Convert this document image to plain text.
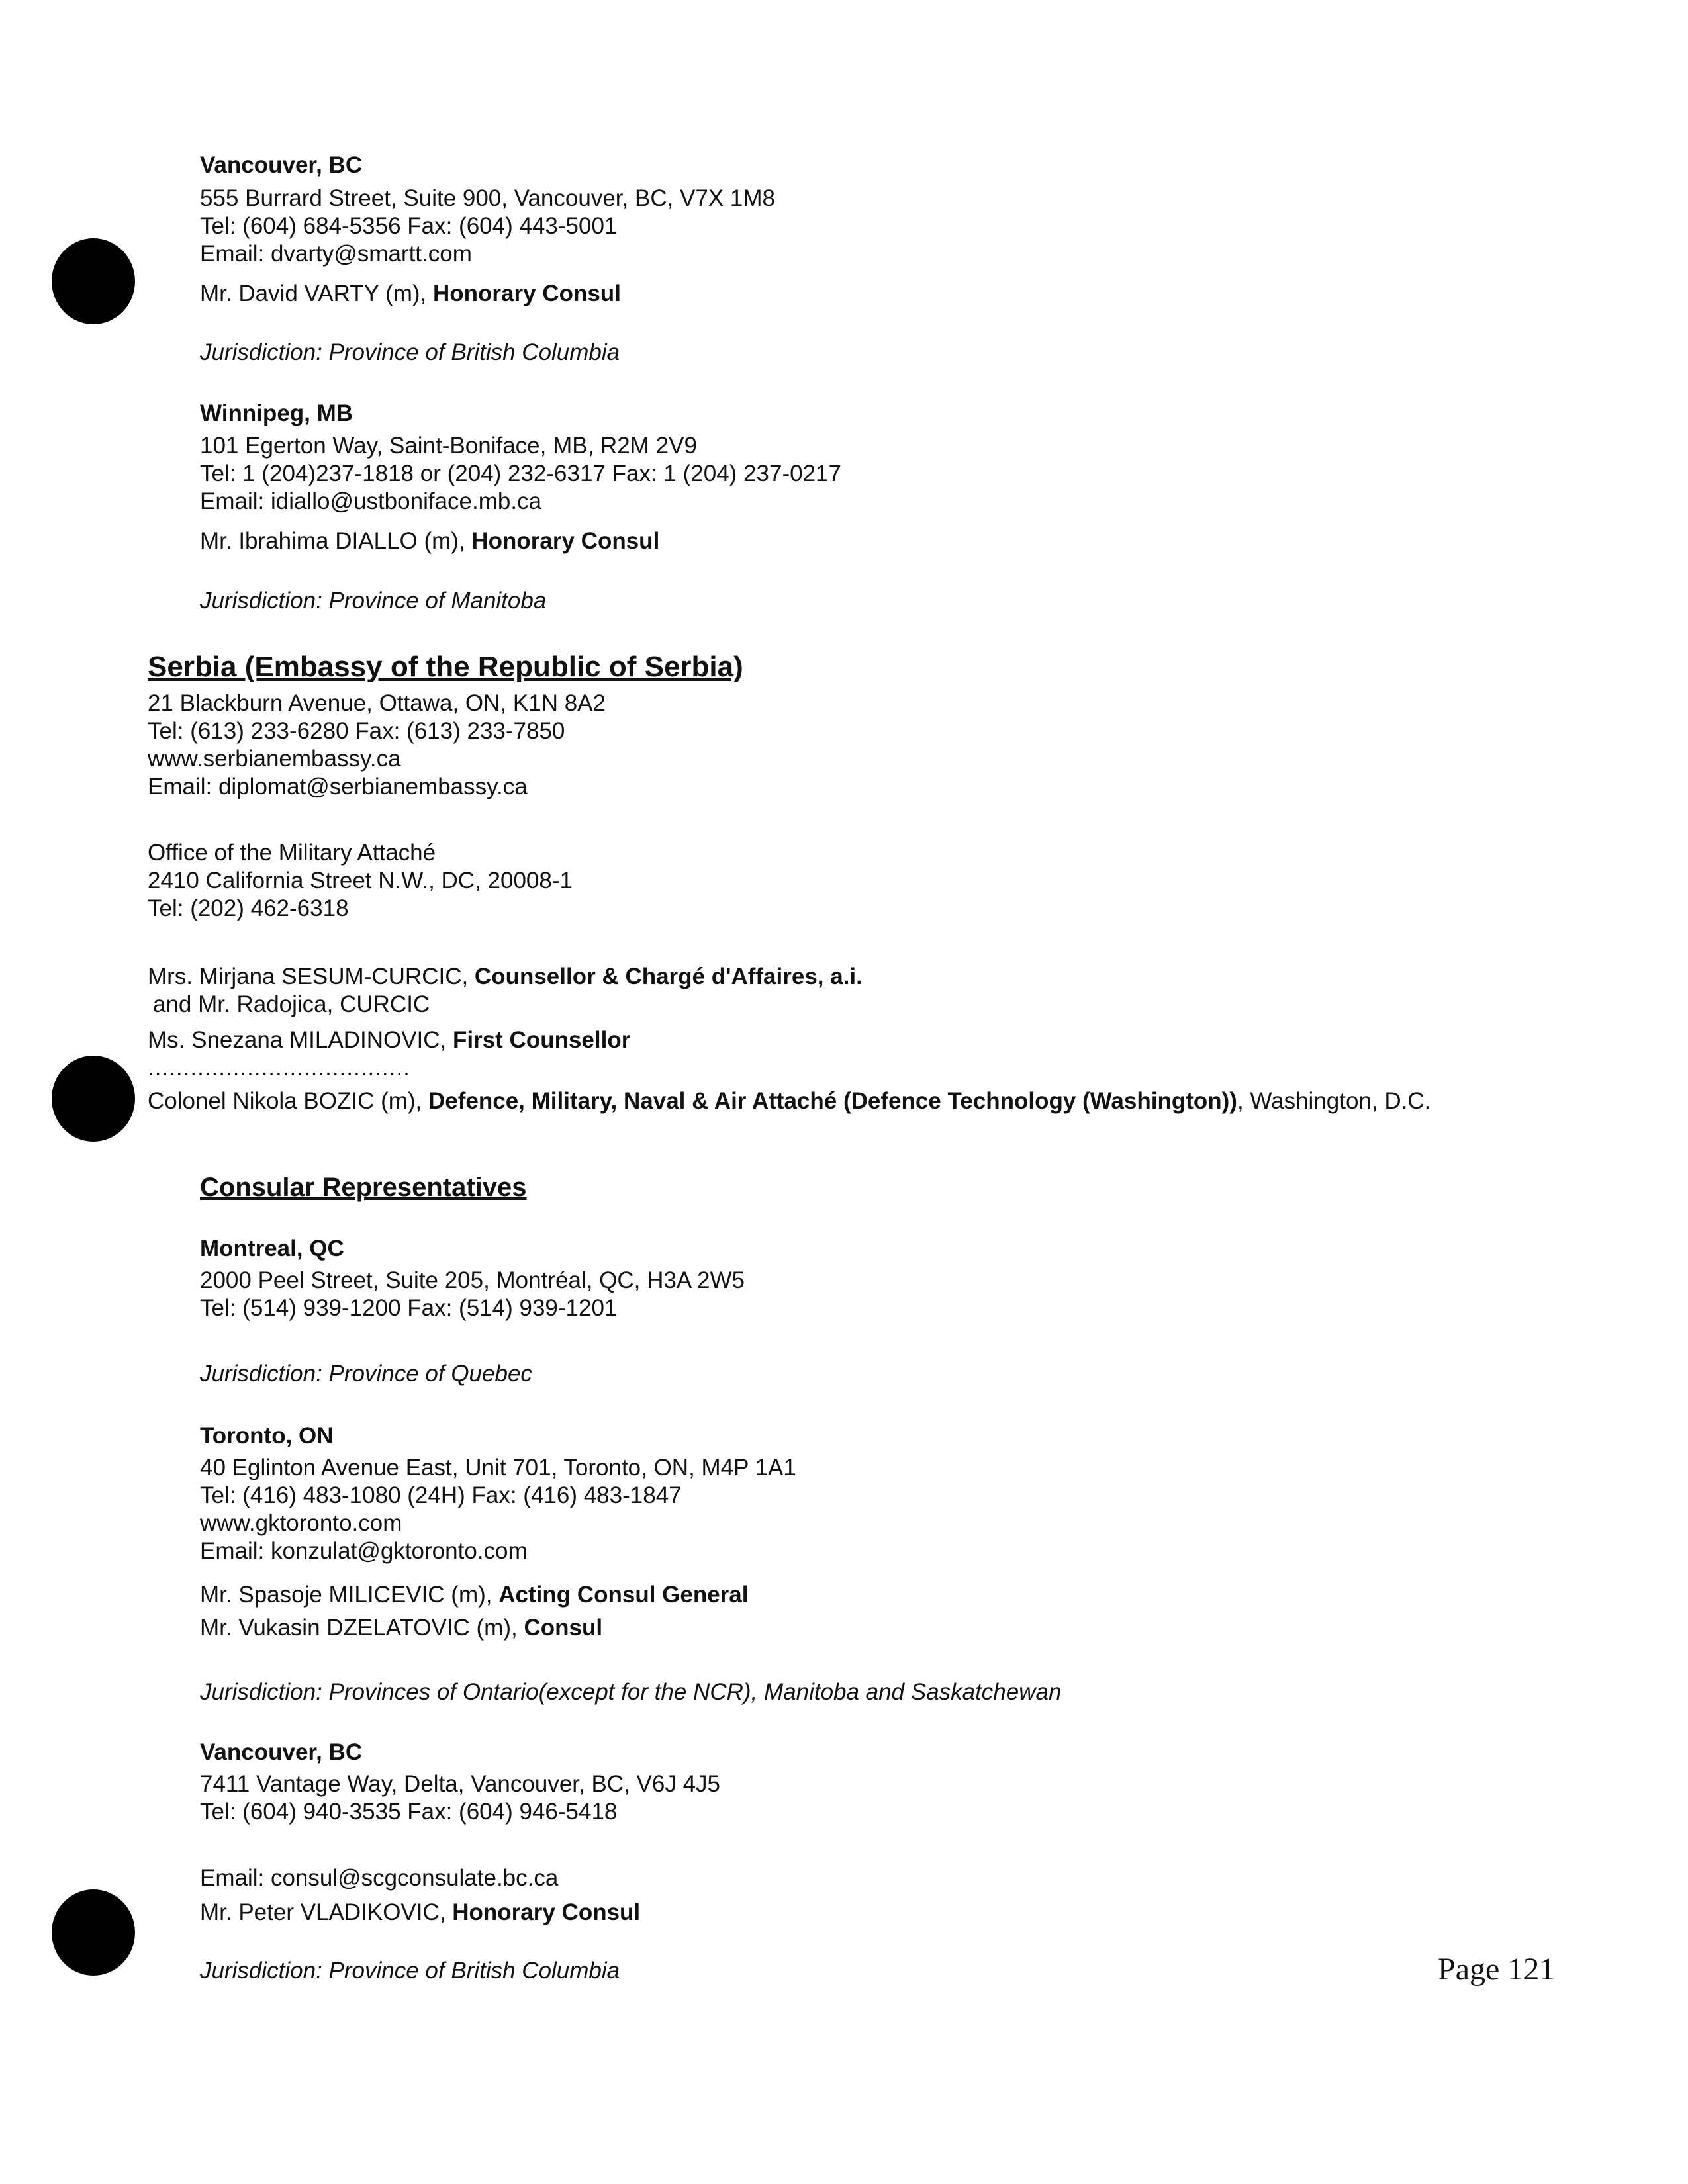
Vancouver, BC
555 Burrard Street, Suite 900, Vancouver, BC, V7X 1M8
Tel: (604) 684-5356 Fax: (604) 443-5001
Email: dvarty@smartt.com
Mr. David VARTY (m), Honorary Consul
Jurisdiction: Province of British Columbia
Winnipeg, MB
101 Egerton Way, Saint-Boniface, MB, R2M 2V9
Tel: 1 (204)237-1818 or (204) 232-6317 Fax: 1 (204) 237-0217
Email: idiallo@ustboniface.mb.ca
Mr. Ibrahima DIALLO (m), Honorary Consul
Jurisdiction: Province of Manitoba
Serbia (Embassy of the Republic of Serbia)
21 Blackburn Avenue, Ottawa, ON, K1N 8A2
Tel: (613) 233-6280 Fax: (613) 233-7850
www.serbianembassy.ca
Email: diplomat@serbianembassy.ca
Office of the Military Attaché
2410 California Street N.W., DC, 20008-1
Tel: (202) 462-6318
Mrs. Mirjana SESUM-CURCIC, Counsellor & Chargé d'Affaires, a.i.
and Mr. Radojica, CURCIC
Ms. Snezana MILADINOVIC, First Counsellor
.....................................
Colonel Nikola BOZIC (m), Defence, Military, Naval & Air Attaché (Defence Technology (Washington)), Washington, D.C.
Consular Representatives
Montreal, QC
2000 Peel Street, Suite 205, Montréal, QC, H3A 2W5
Tel: (514) 939-1200 Fax: (514) 939-1201
Jurisdiction: Province of Quebec
Toronto, ON
40 Eglinton Avenue East, Unit 701, Toronto, ON, M4P 1A1
Tel: (416) 483-1080 (24H) Fax: (416) 483-1847
www.gktoronto.com
Email: konzulat@gktoronto.com
Mr. Spasoje MILICEVIC (m), Acting Consul General
Mr. Vukasin DZELATOVIC (m), Consul
Jurisdiction: Provinces of Ontario(except for the NCR), Manitoba and Saskatchewan
Vancouver, BC
7411 Vantage Way, Delta, Vancouver, BC, V6J 4J5
Tel: (604) 940-3535 Fax: (604) 946-5418
Email: consul@scgconsulate.bc.ca
Mr. Peter VLADIKOVIC, Honorary Consul
Jurisdiction: Province of British Columbia	Page 121
